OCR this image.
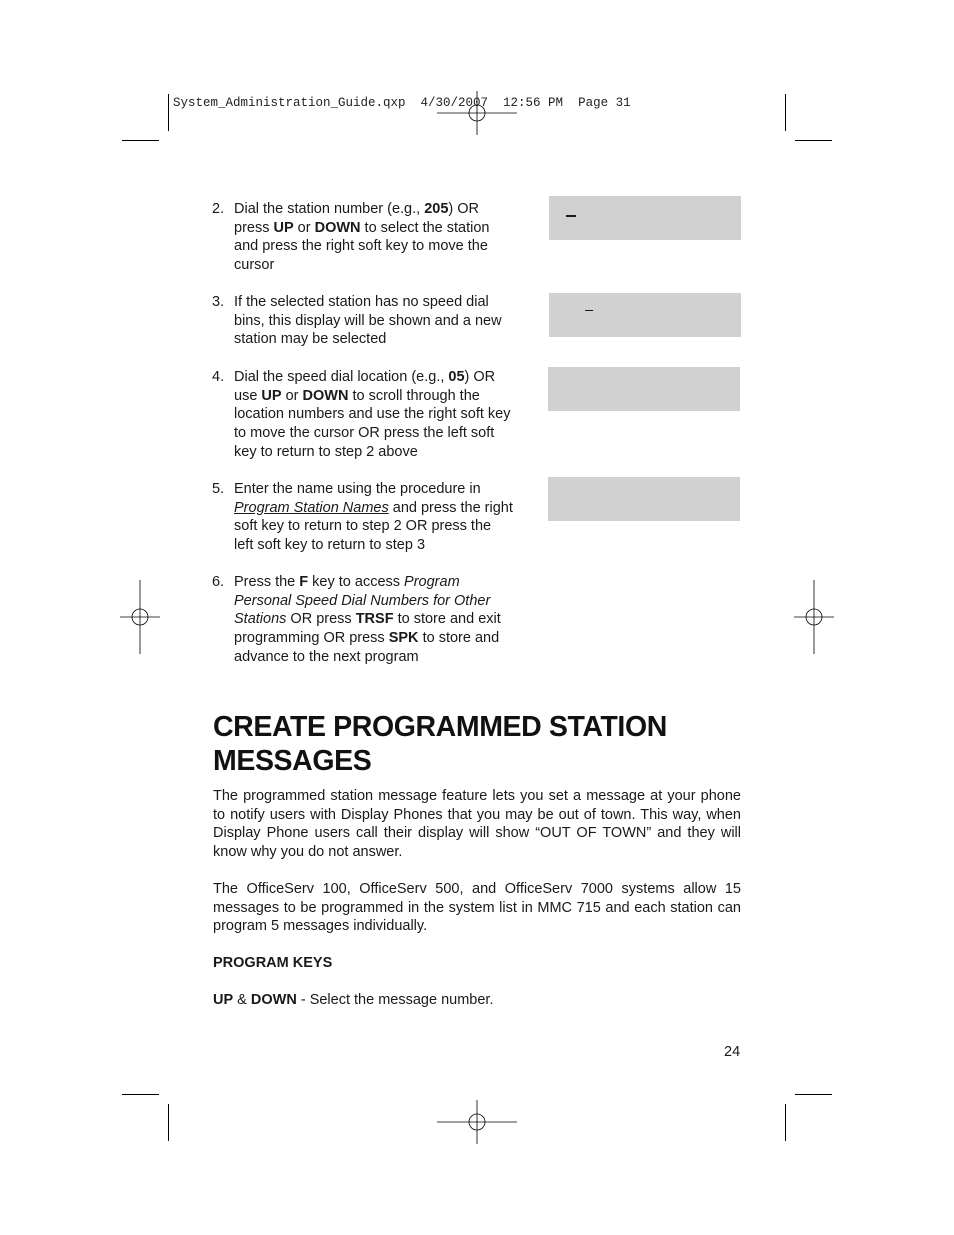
System_Administration_Guide.qxp  4/30/2007  12:56 PM  Page 31
2. Dial the station number (e.g., 205) OR press UP or DOWN to select the station and press the right soft key to move the cursor
3. If the selected station has no speed dial bins, this display will be shown and a new station may be selected
4. Dial the speed dial location (e.g., 05) OR use UP or DOWN to scroll through the location numbers and use the right soft key to move the cursor OR press the left soft key to return to step 2 above
5. Enter the name using the procedure in Program Station Names and press the right soft key to return to step 2 OR press the left soft key to return to step 3
6. Press the F key to access Program Personal Speed Dial Numbers for Other Stations OR press TRSF to store and exit programming OR press SPK to store and advance to the next program
CREATE PROGRAMMED STATION MESSAGES

The programmed station message feature lets you set a message at your phone to notify users with Display Phones that you may be out of town. This way, when Display Phone users call their display will show “OUT OF TOWN” and they will know why you do not answer.

The OfficeServ 100, OfficeServ 500, and OfficeServ 7000 systems allow 15 messages to be programmed in the system list in MMC 715 and each station can program 5 messages individually.

PROGRAM KEYS

UP & DOWN - Select the message number.

24
